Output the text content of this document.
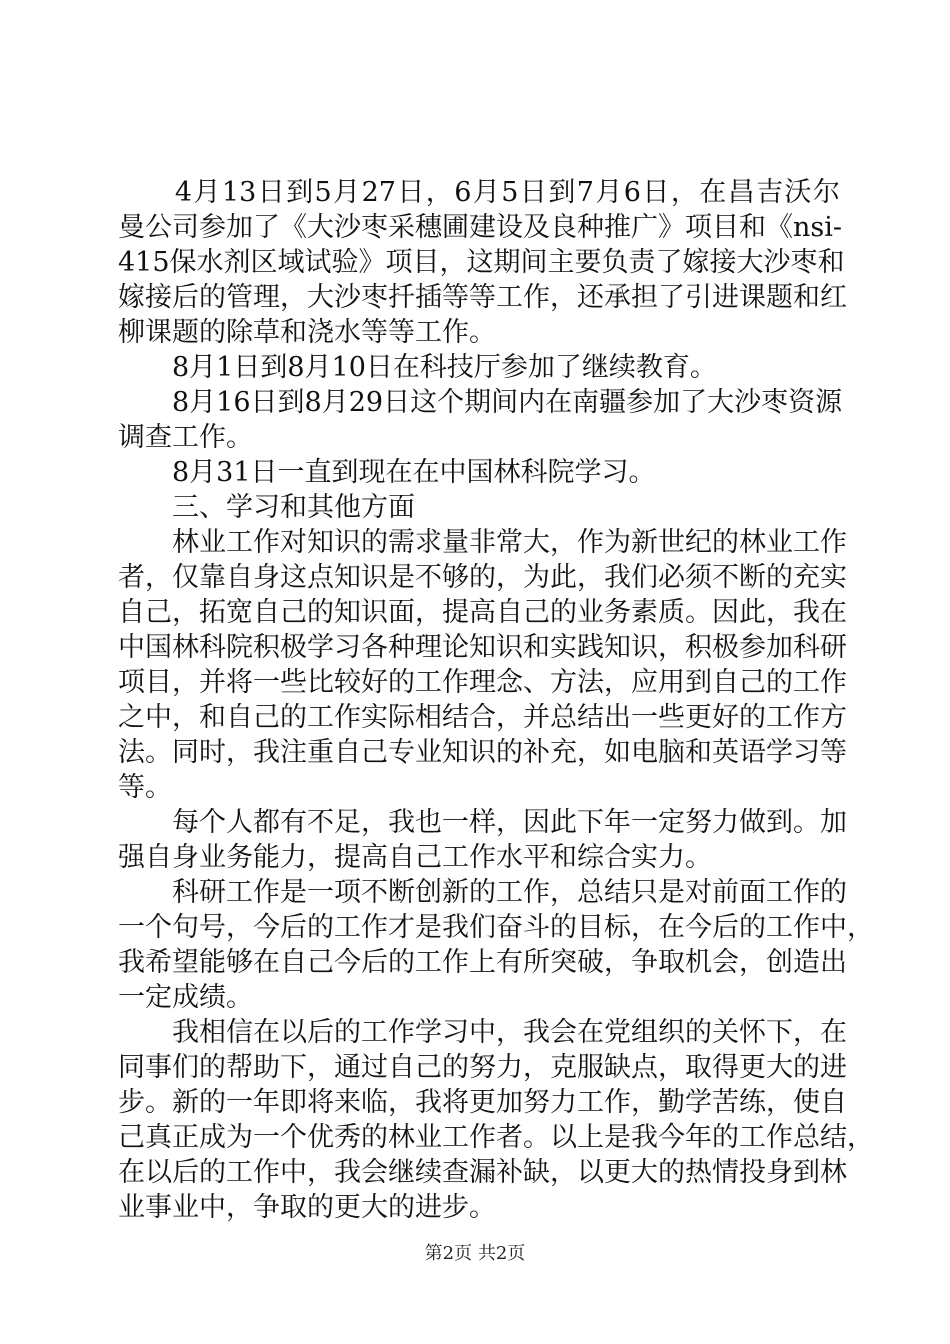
　　4月13日到5月27日，6月5日到7月6日，在昌吉沃尔
曼公司参加了《大沙枣采穗圃建设及良种推广》项目和《nsi-
415保水剂区域试验》项目，这期间主要负责了嫁接大沙枣和
嫁接后的管理，大沙枣扦插等等工作，还承担了引进课题和红
柳课题的除草和浇水等等工作。
　　8月1日到8月10日在科技厅参加了继续教育。
　　8月16日到8月29日这个期间内在南疆参加了大沙枣资源
调查工作。
　　8月31日一直到现在在中国林科院学习。
　　三、学习和其他方面
　　林业工作对知识的需求量非常大，作为新世纪的林业工作
者，仅靠自身这点知识是不够的，为此，我们必须不断的充实
自己，拓宽自己的知识面，提高自己的业务素质。因此，我在
中国林科院积极学习各种理论知识和实践知识，积极参加科研
项目，并将一些比较好的工作理念、方法，应用到自己的工作
之中，和自己的工作实际相结合，并总结出一些更好的工作方
法。同时，我注重自己专业知识的补充，如电脑和英语学习等
等。
　　每个人都有不足，我也一样，因此下年一定努力做到。加
强自身业务能力，提高自己工作水平和综合实力。
　　科研工作是一项不断创新的工作，总结只是对前面工作的
一个句号，今后的工作才是我们奋斗的目标，在今后的工作中，
我希望能够在自己今后的工作上有所突破，争取机会，创造出
一定成绩。
　　我相信在以后的工作学习中，我会在党组织的关怀下，在
同事们的帮助下，通过自己的努力，克服缺点，取得更大的进
步。新的一年即将来临，我将更加努力工作，勤学苦练，使自
己真正成为一个优秀的林业工作者。以上是我今年的工作总结，
在以后的工作中，我会继续查漏补缺，以更大的热情投身到林
业事业中，争取的更大的进步。
第2页 共2页
